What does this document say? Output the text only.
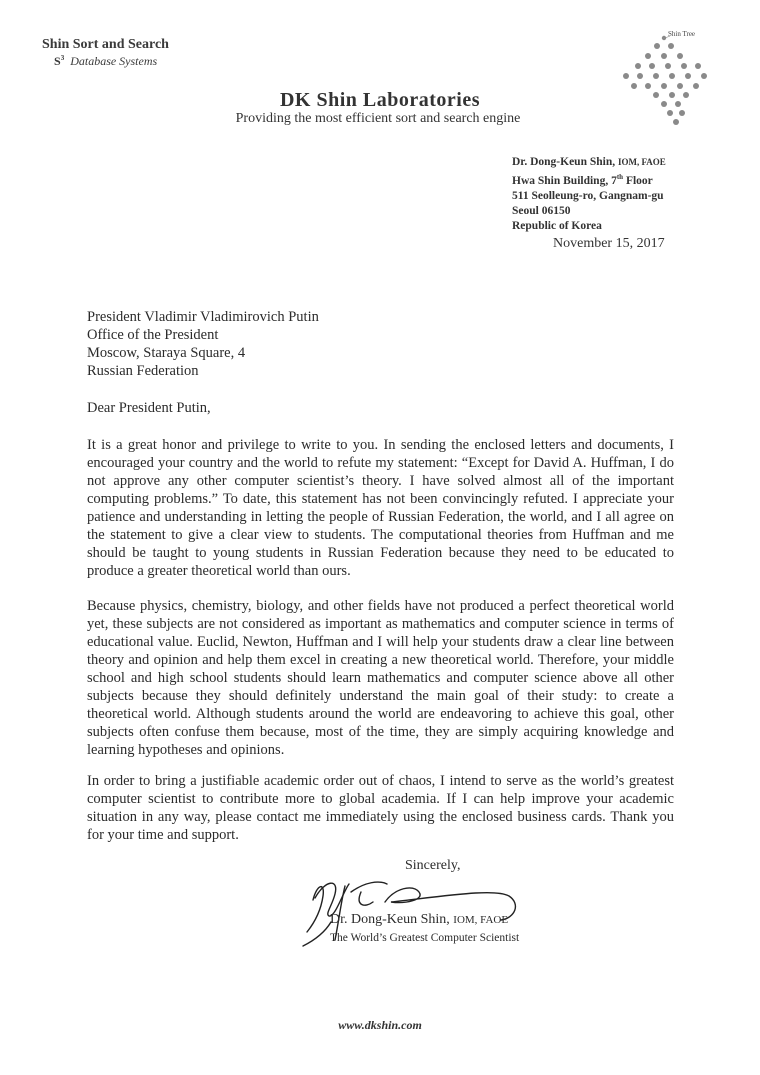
Shin Sort and Search
$S^3$ Database Systems
Shin Tree
DK Shin Laboratories
Providing the most efficient sort and search engine
Dr. Dong-Keun Shin, IOM, FAOE
Hwa Shin Building, 7th Floor
511 Seolleung-ro, Gangnam-gu
Seoul 06150
Republic of Korea
November 15, 2017
President Vladimir Vladimirovich Putin
Office of the President
Moscow, Staraya Square, 4
Russian Federation
Dear President Putin,
It is a great honor and privilege to write to you. In sending the enclosed letters and documents, I encouraged your country and the world to refute my statement: “Except for David A. Huffman, I do not approve any other computer scientist’s theory. I have solved almost all of the important computing problems.” To date, this statement has not been convincingly refuted. I appreciate your patience and understanding in letting the people of Russian Federation, the world, and I all agree on the statement to give a clear view to students. The computational theories from Huffman and me should be taught to young students in Russian Federation because they need to be educated to produce a greater theoretical world than ours.
Because physics, chemistry, biology, and other fields have not produced a perfect theoretical world yet, these subjects are not considered as important as mathematics and computer science in terms of educational value. Euclid, Newton, Huffman and I will help your students draw a clear line between theory and opinion and help them excel in creating a new theoretical world. Therefore, your middle school and high school students should learn mathematics and computer science above all other subjects because they should definitely understand the main goal of their study: to create a theoretical world. Although students around the world are endeavoring to achieve this goal, other subjects often confuse them because, most of the time, they are simply acquiring knowledge and learning hypotheses and opinions.
In order to bring a justifiable academic order out of chaos, I intend to serve as the world’s greatest computer scientist to contribute more to global academia. If I can help improve your academic situation in any way, please contact me immediately using the enclosed business cards. Thank you for your time and support.
Sincerely,
Dr. Dong-Keun Shin, IOM, FAOE
The World’s Greatest Computer Scientist
www.dkshin.com
